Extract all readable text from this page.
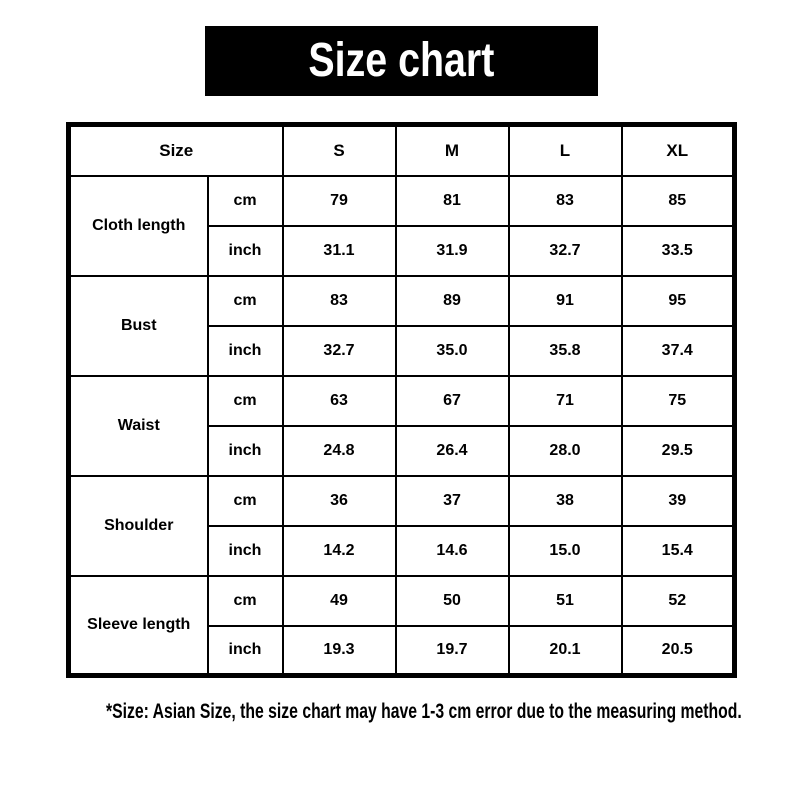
Size chart
Size		S	M	L	XL
Cloth length	cm	79	81	83	85
	inch	31.1	31.9	32.7	33.5
Bust	cm	83	89	91	95
	inch	32.7	35.0	35.8	37.4
Waist	cm	63	67	71	75
	inch	24.8	26.4	28.0	29.5
Shoulder	cm	36	37	38	39
	inch	14.2	14.6	15.0	15.4
Sleeve length	cm	49	50	51	52
	inch	19.3	19.7	20.1	20.5
*Size: Asian Size, the size chart may have 1-3 cm error due to the measuring method.
